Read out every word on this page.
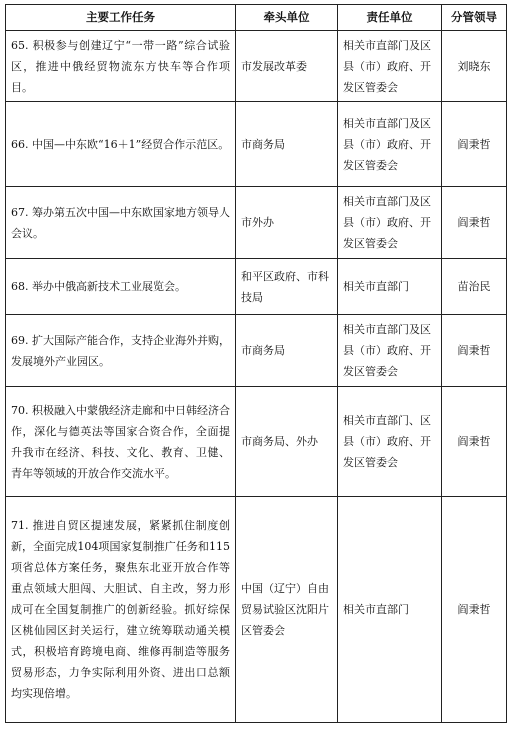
主要工作任务	牵头单位	责任单位	分管领导
65. 积极参与创建辽宁“一带一路”综合试验区，推进中俄经贸物流东方快车等合作项目。	市发展改革委	相关市直部门及区县（市）政府、开发区管委会	刘晓东
66. 中国—中东欧“16＋1”经贸合作示范区。	市商务局	相关市直部门及区县（市）政府、开发区管委会	阎秉哲
67. 筹办第五次中国—中东欧国家地方领导人会议。	市外办	相关市直部门及区县（市）政府、开发区管委会	阎秉哲
68. 举办中俄高新技术工业展览会。	和平区政府、市科技局	相关市直部门	苗治民
69. 扩大国际产能合作，支持企业海外并购，发展境外产业园区。	市商务局	相关市直部门及区县（市）政府、开发区管委会	阎秉哲
70. 积极融入中蒙俄经济走廊和中日韩经济合作，深化与德英法等国家合资合作，全面提升我市在经济、科技、文化、教育、卫健、青年等领域的开放合作交流水平。	市商务局、外办	相关市直部门、区县（市）政府、开发区管委会	阎秉哲
71. 推进自贸区提速发展，紧紧抓住制度创新，全面完成104项国家复制推广任务和115项省总体方案任务，聚焦东北亚开放合作等重点领域大胆闯、大胆试、自主改，努力形成可在全国复制推广的创新经验。抓好综保区桃仙园区封关运行，建立统筹联动通关模式，积极培育跨境电商、维修再制造等服务贸易形态，力争实际利用外资、进出口总额均实现倍增。	中国（辽宁）自由贸易试验区沈阳片区管委会	相关市直部门	阎秉哲
